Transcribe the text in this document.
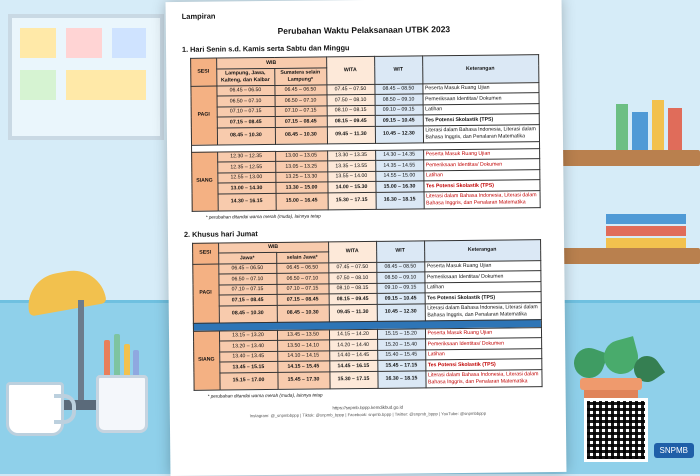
SNPMB
Lampiran
Perubahan Waktu Pelaksanaan UTBK 2023
1. Hari Senin s.d. Kamis serta Sabtu dan Minggu
SESI	WIB		WITA	WIT	Keterangan
	Lampung, Jawa, Kalteng, dan Kalbar	Sumatera selain Lampung*			
PAGI	06.45 – 06.50	06.45 – 06.50	07.45 – 07.50	08.45 – 08.50	Peserta Masuk Ruang Ujian
	06.50 – 07.10	06.50 – 07.10	07.50 – 08.10	08.50 – 09.10	Pemeriksaan Identitas/ Dokumen
	07.10 – 07.15	07.10 – 07.15	08.10 – 08.15	09.10 – 09.15	Latihan
	07.15 – 08.45	07.15 – 08.45	08.15 – 09.45	09.15 – 10.45	Tes Potensi Skolastik (TPS)
	08.45 – 10.30	08.45 – 10.30	09.45 – 11.30	10.45 – 12.30	Literasi dalam Bahasa Indonesia, Literasi dalam Bahasa Inggris, dan Penalaran Matematika

SIANG	12.30 – 12.35	13.00 – 13.05	13.30 – 13.35	14.30 – 14.35	Peserta Masuk Ruang Ujian
	12.35 – 12.55	13.05 – 13.25	13.35 – 13.55	14.35 – 14.55	Pemeriksaan Identitas/ Dokumen
	12.55 – 13.00	13.25 – 13.30	13.55 – 14.00	14.55 – 15.00	Latihan
	13.00 – 14.30	13.30 – 15.00	14.00 – 15.30	15.00 – 16.30	Tes Potensi Skolastik (TPS)
	14.30 – 16.15	15.00 – 16.45	15.30 – 17.15	16.30 – 18.15	Literasi dalam Bahasa Indonesia, Literasi dalam Bahasa Inggris, dan Penalaran Matematika
* perubahan ditandai warna merah (muda), lainnya tetap
2. Khusus hari Jumat
SESI	WIB		WITA	WIT	Keterangan
	Jawa*	selain Jawa*			
PAGI	06.45 – 06.50	06.45 – 06.50	07.45 – 07.50	08.45 – 08.50	Peserta Masuk Ruang Ujian
	06.50 – 07.10	06.50 – 07.10	07.50 – 08.10	08.50 – 09.10	Pemeriksaan Identitas/ Dokumen
	07.10 – 07.15	07.10 – 07.15	08.10 – 08.15	09.10 – 09.15	Latihan
	07.15 – 08.45	07.15 – 08.45	08.15 – 09.45	09.15 – 10.45	Tes Potensi Skolastik (TPS)
	08.45 – 10.30	08.45 – 10.30	09.45 – 11.30	10.45 – 12.30	Literasi dalam Bahasa Indonesia, Literasi dalam Bahasa Inggris, dan Penalaran Matematika

SIANG	13.15 – 13.20	13.45 – 13.50	14.15 – 14.20	15.15 – 15.20	Peserta Masuk Ruang Ujian
	13.20 – 13.40	13.50 – 14.10	14.20 – 14.40	15.20 – 15.40	Pemeriksaan Identitas/ Dokumen
	13.40 – 13.45	14.10 – 14.15	14.40 – 14.45	15.40 – 15.45	Latihan
	13.45 – 15.15	14.15 – 15.45	14.45 – 16.15	15.45 – 17.15	Tes Potensi Skolastik (TPS)
	15.15 – 17.00	15.45 – 17.30	15.30 – 17.15	16.30 – 18.15	Literasi dalam Bahasa Indonesia, Literasi dalam Bahasa Inggris, dan Penalaran Matematika
* perubahan ditandai warna merah (muda), lainnya tetap
https://snpmb.bppp.kemdikbud.go.id
Instagram: @_snpmbbppp | Tiktok: @snpmb_bppp | Facebook: snpmb.bppp | Twitter: @snpmb_bppp | YouTube: @snpmbbppp
